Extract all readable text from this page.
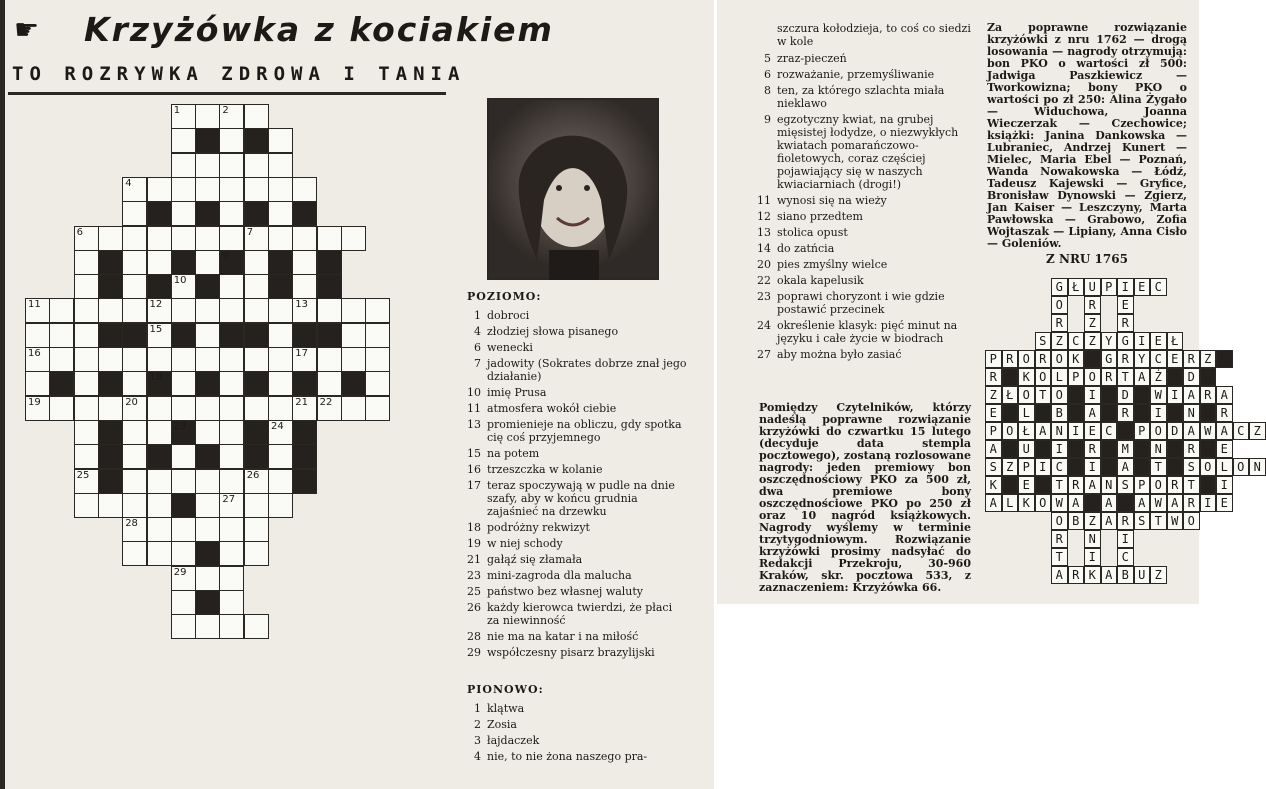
☛ Krzyżówka z kociakiem
TO ROZRYWKA ZDROWA I TANIA
1	2
4
6	7
9
10
11	12	13
15
16	17
18
19	20	21 22
23	24
25	26
27
28
29
POZIOMO:
1 dobroci
4 złodziej słowa pisanego
6 wenecki
7 jadowity (Sokrates dobrze znał jego działanie)
10 imię Prusa
11 atmosfera wokół ciebie
13 promienieje na obliczu, gdy spotka cię coś przyjemnego
15 na potem
16 trzeszczka w kolanie
17 teraz spoczywają w pudle na dnie szafy, aby w końcu grudnia zajaśnieć na drzewku
18 podróżny rekwizyt
19 w niej schody
21 gałąź się złamała
23 mini-zagroda dla malucha
25 państwo bez własnej waluty
26 każdy kierowca twierdzi, że płaci za niewinność
28 nie ma na katar i na miłość
29 współczesny pisarz brazylijski
PIONOWO:
1 klątwa
2 Zosia
3 łajdaczek
4 nie, to nie żona naszego pra-
szczura kołodzieja, to coś co siedzi w kole
5 zraz-pieczeń
6 rozważanie, przemyśliwanie
8 ten, za którego szlachta miała nieklawo
9 egzotyczny kwiat, na grubej mięsistej łodydze, o niezwykłych kwiatach pomarańczowo-fioletowych, coraz częściej pojawiający się w naszych kwiaciarniach (drogi!)
11 wynosi się na wieży
12 siano przedtem
13 stolica opust
14 do zatńcia
20 pies zmyślny wielce
22 okala kapelusik
23 poprawi choryzont i wie gdzie postawić przecinek
24 określenie klasyk: pięć minut na języku i całe życie w biodrach
27 aby można było zasiać
Pomiędzy Czytelników, którzy nadeślą poprawne rozwiązanie krzyżówki do czwartku 15 lutego (decyduje data stempla pocztowego), zostaną rozlosowane nagrody: jeden premiowy bon oszczędnościowy PKO za 500 zł, dwa premiowe bony oszczędnościowe PKO po 250 zł oraz 10 nagród książkowych. Nagrody wyślemy w terminie trzytygodniowym. Rozwiązanie krzyżówki prosimy nadsyłać do Redakcji Przekroju, 30-960 Kraków, skr. pocztowa 533, z zaznaczeniem: Krzyżówka 66.
Za poprawne rozwiązanie krzyżówki z nru 1762 — drogą losowania — nagrody otrzymują: bon PKO o wartości zł 500: Jadwiga Paszkiewicz — Tworkowizna; bony PKO o wartości po zł 250: Alina Żygało — Widuchowa, Joanna Wieczerzak — Czechowice; książki: Janina Dankowska — Lubraniec, Andrzej Kunert — Mielec, Maria Ebel — Poznań, Wanda Nowakowska — Łódź, Tadeusz Kajewski — Gryfice, Bronisław Dynowski — Zgierz, Jan Kaiser — Leszczyny, Marta Pawłowska — Grabowo, Zofia Wojtaszak — Lipiany, Anna Cisło — Goleniów.
Z NRU 1765
G Ł U P I E C
O	R	E
R	Z	R
S Z C Z Y G I E Ł
P R O R O K	G R Y C E R Z
R	K O L P O R T A Ż	D
Z Ł O T O	I	D	W I A R A
E	L	B	A	R	I	N	R
P O Ł A N I E C	P O D A W A C Z
A	U	I	R	M	N	R	E
S Z P I C	I	A	T	S O L O N
K	E	T R A N S P O R T	I
A L K O W A	A	A W A R I E
O B Z A R S T W O
R	N	I
T	I	C
A R K A B U Z
